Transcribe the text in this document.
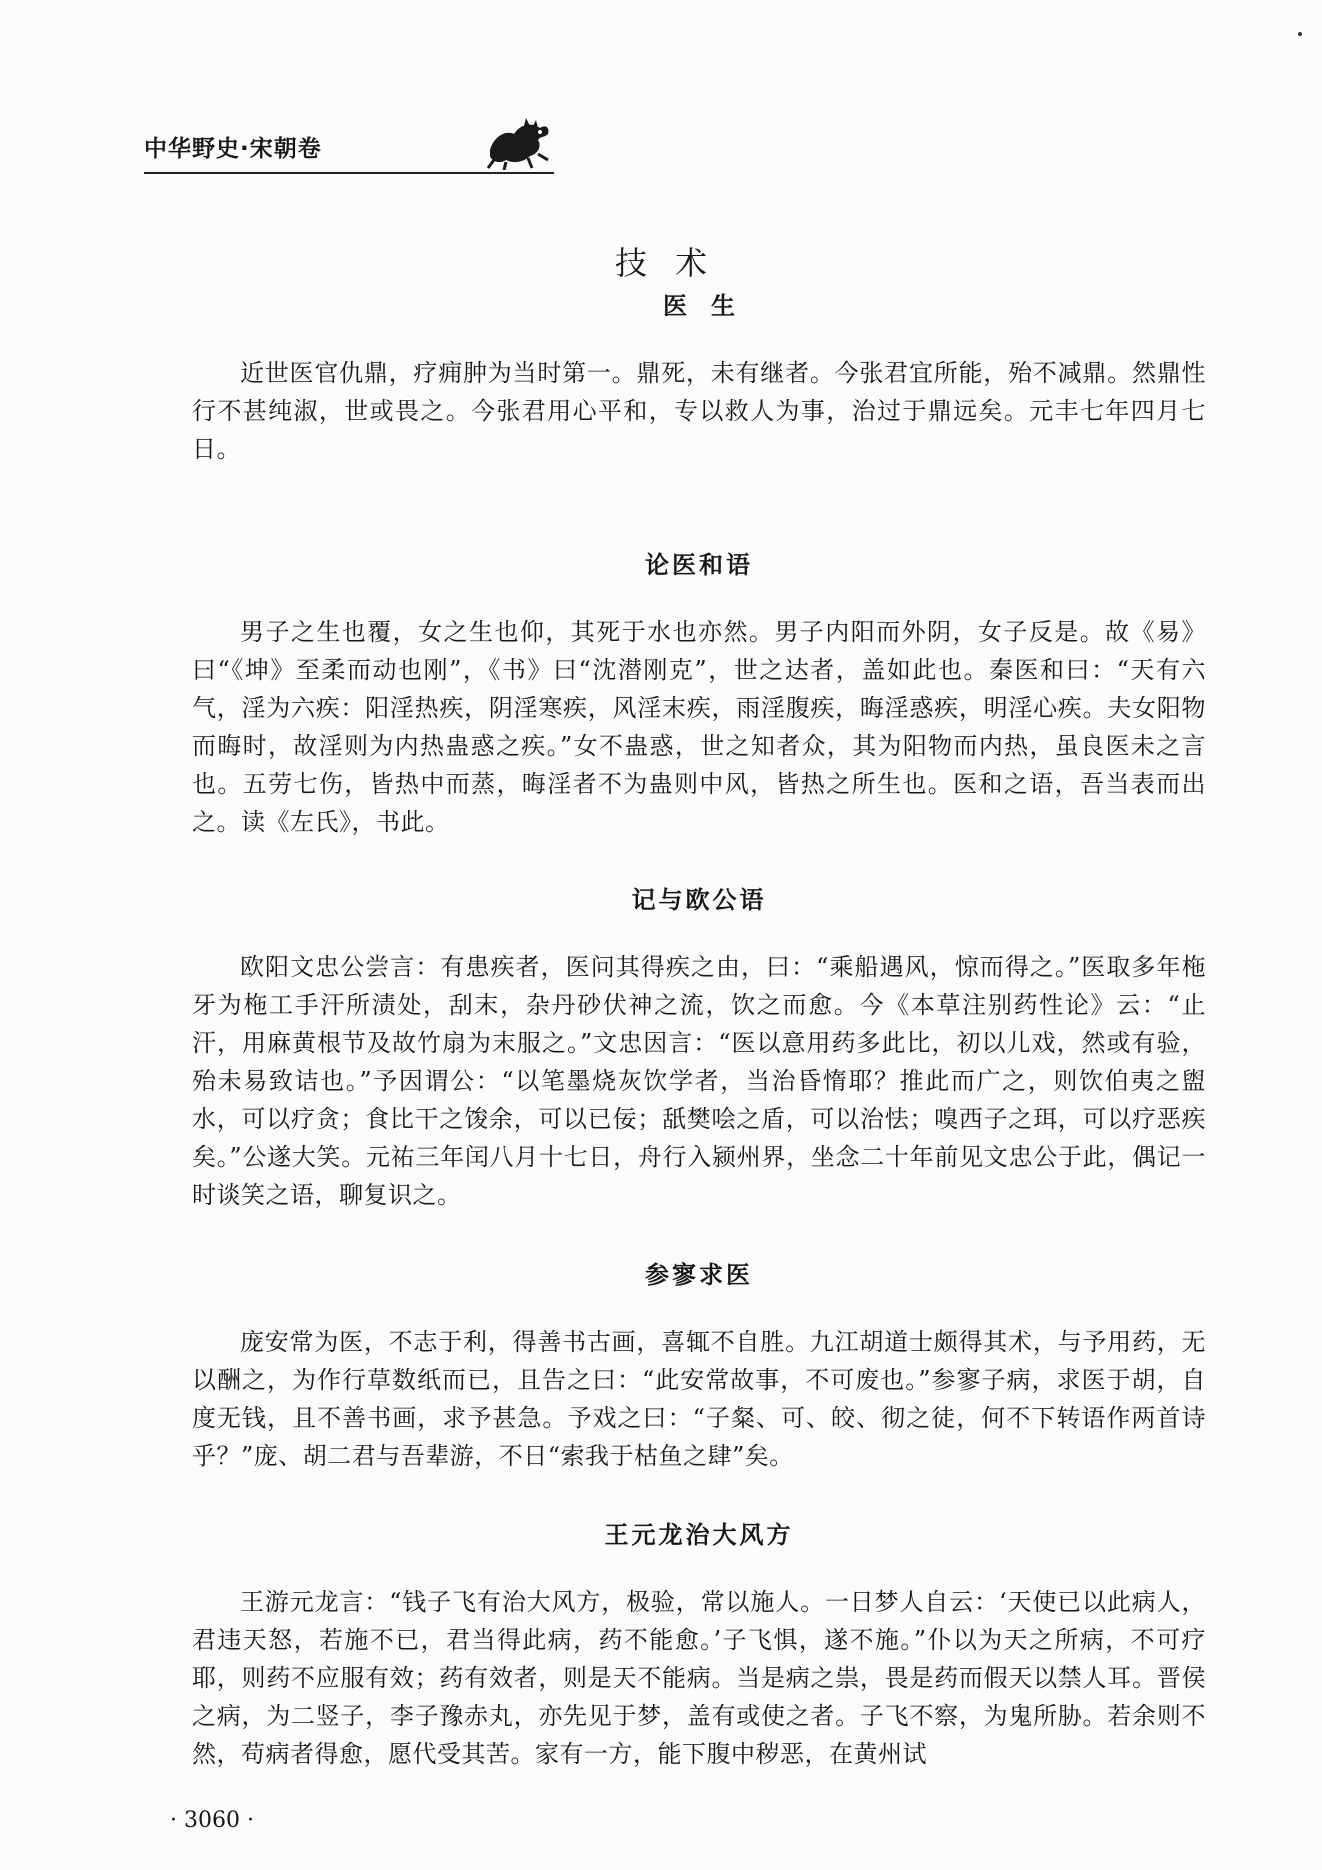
中华野史·宋朝卷
技术
医生

近世医官仇鼎，疗痈肿为当时第一。鼎死，未有继者。今张君宜所能，殆不减鼎。然鼎性行不甚纯淑，世或畏之。今张君用心平和，专以救人为事，治过于鼎远矣。元丰七年四月七日。

论医和语

男子之生也覆，女之生也仰，其死于水也亦然。男子内阳而外阴，女子反是。故《易》曰“《坤》至柔而动也刚”，《书》曰“沈潜刚克”，世之达者，盖如此也。秦医和曰：“天有六气，淫为六疾：阳淫热疾，阴淫寒疾，风淫末疾，雨淫腹疾，晦淫惑疾，明淫心疾。夫女阳物而晦时，故淫则为内热蛊惑之疾。”女不蛊惑，世之知者众，其为阳物而内热，虽良医未之言也。五劳七伤，皆热中而蒸，晦淫者不为蛊则中风，皆热之所生也。医和之语，吾当表而出之。读《左氏》，书此。

记与欧公语

欧阳文忠公尝言：有患疾者，医问其得疾之由，曰：“乘船遇风，惊而得之。”医取多年柂牙为柂工手汗所渍处，刮末，杂丹砂伏神之流，饮之而愈。今《本草注别药性论》云：“止汗，用麻黄根节及故竹扇为末服之。”文忠因言：“医以意用药多此比，初以儿戏，然或有验，殆未易致诘也。”予因谓公：“以笔墨烧灰饮学者，当治昏惰耶？推此而广之，则饮伯夷之盥水，可以疗贪；食比干之馂余，可以已佞；舐樊哙之盾，可以治怯；嗅西子之珥，可以疗恶疾矣。”公遂大笑。元祐三年闰八月十七日，舟行入颍州界，坐念二十年前见文忠公于此，偶记一时谈笑之语，聊复识之。

参寥求医

庞安常为医，不志于利，得善书古画，喜辄不自胜。九江胡道士颇得其术，与予用药，无以酬之，为作行草数纸而已，且告之曰：“此安常故事，不可废也。”参寥子病，求医于胡，自度无钱，且不善书画，求予甚急。予戏之曰：“子粲、可、皎、彻之徒，何不下转语作两首诗乎？”庞、胡二君与吾辈游，不日“索我于枯鱼之肆”矣。

王元龙治大风方

王游元龙言：“钱子飞有治大风方，极验，常以施人。一日梦人自云：‘天使已以此病人，君违天怒，若施不已，君当得此病，药不能愈。’子飞惧，遂不施。”仆以为天之所病，不可疗耶，则药不应服有效；药有效者，则是天不能病。当是病之祟，畏是药而假天以禁人耳。晋侯之病，为二竖子，李子豫赤丸，亦先见于梦，盖有或使之者。子飞不察，为鬼所胁。若余则不然，苟病者得愈，愿代受其苦。家有一方，能下腹中秽恶，在黄州试

· 3060 ·
